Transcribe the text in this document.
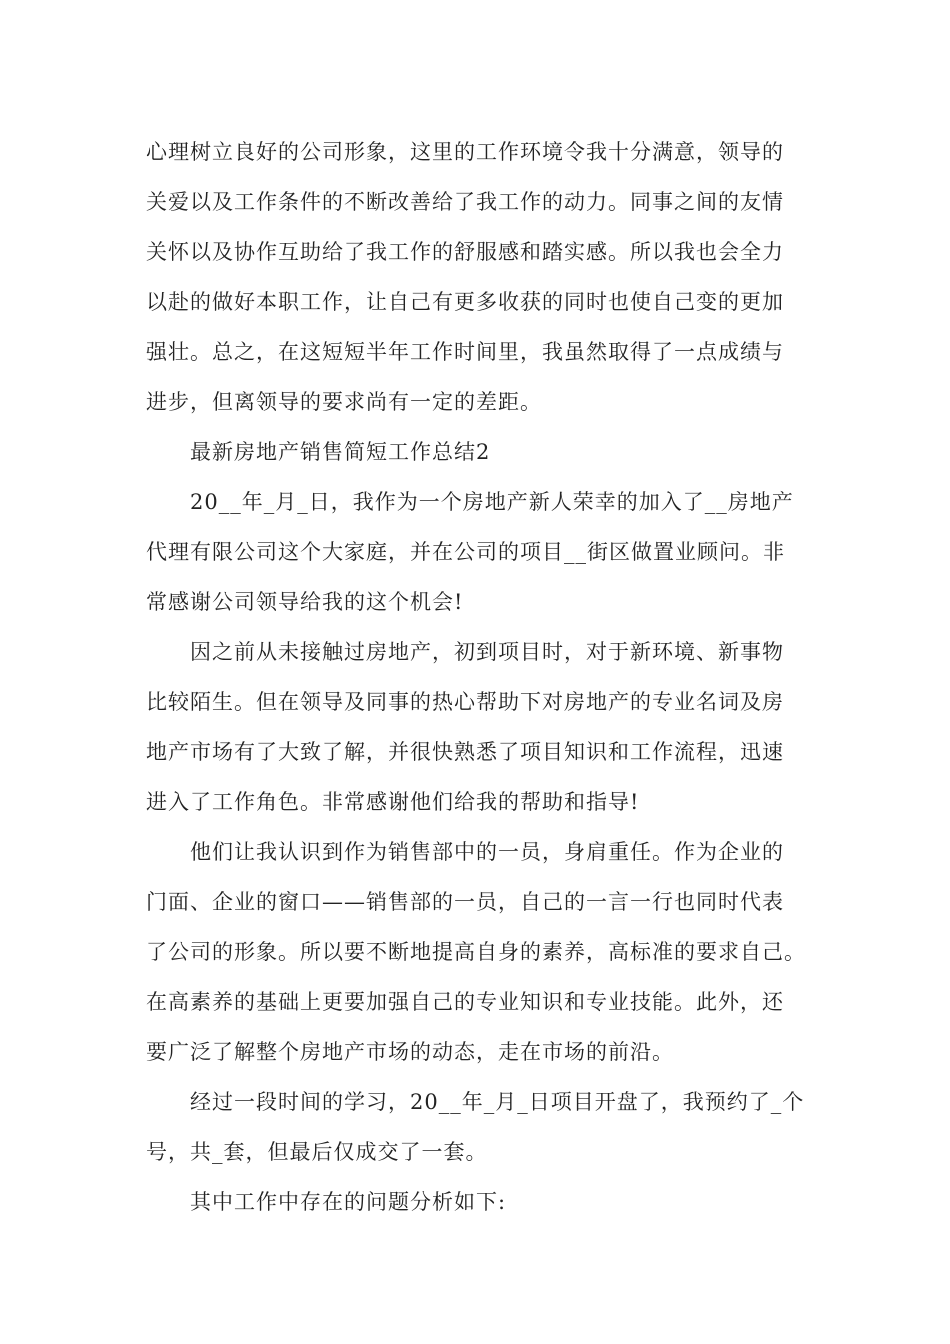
心理树立良好的公司形象，这里的工作环境令我十分满意，领导的
关爱以及工作条件的不断改善给了我工作的动力。同事之间的友情
关怀以及协作互助给了我工作的舒服感和踏实感。所以我也会全力
以赴的做好本职工作，让自己有更多收获的同时也使自己变的更加
强壮。总之，在这短短半年工作时间里，我虽然取得了一点成绩与
进步，但离领导的要求尚有一定的差距。

最新房地产销售简短工作总结2

20__年_月_日，我作为一个房地产新人荣幸的加入了__房地产
代理有限公司这个大家庭，并在公司的项目__街区做置业顾问。非
常感谢公司领导给我的这个机会!

因之前从未接触过房地产，初到项目时，对于新环境、新事物
比较陌生。但在领导及同事的热心帮助下对房地产的专业名词及房
地产市场有了大致了解，并很快熟悉了项目知识和工作流程，迅速
进入了工作角色。非常感谢他们给我的帮助和指导!

他们让我认识到作为销售部中的一员，身肩重任。作为企业的
门面、企业的窗口——销售部的一员，自己的一言一行也同时代表
了公司的形象。所以要不断地提高自身的素养，高标准的要求自己。
在高素养的基础上更要加强自己的专业知识和专业技能。此外，还
要广泛了解整个房地产市场的动态，走在市场的前沿。

经过一段时间的学习，20__年_月_日项目开盘了，我预约了_个
号，共_套，但最后仅成交了一套。

其中工作中存在的问题分析如下:
